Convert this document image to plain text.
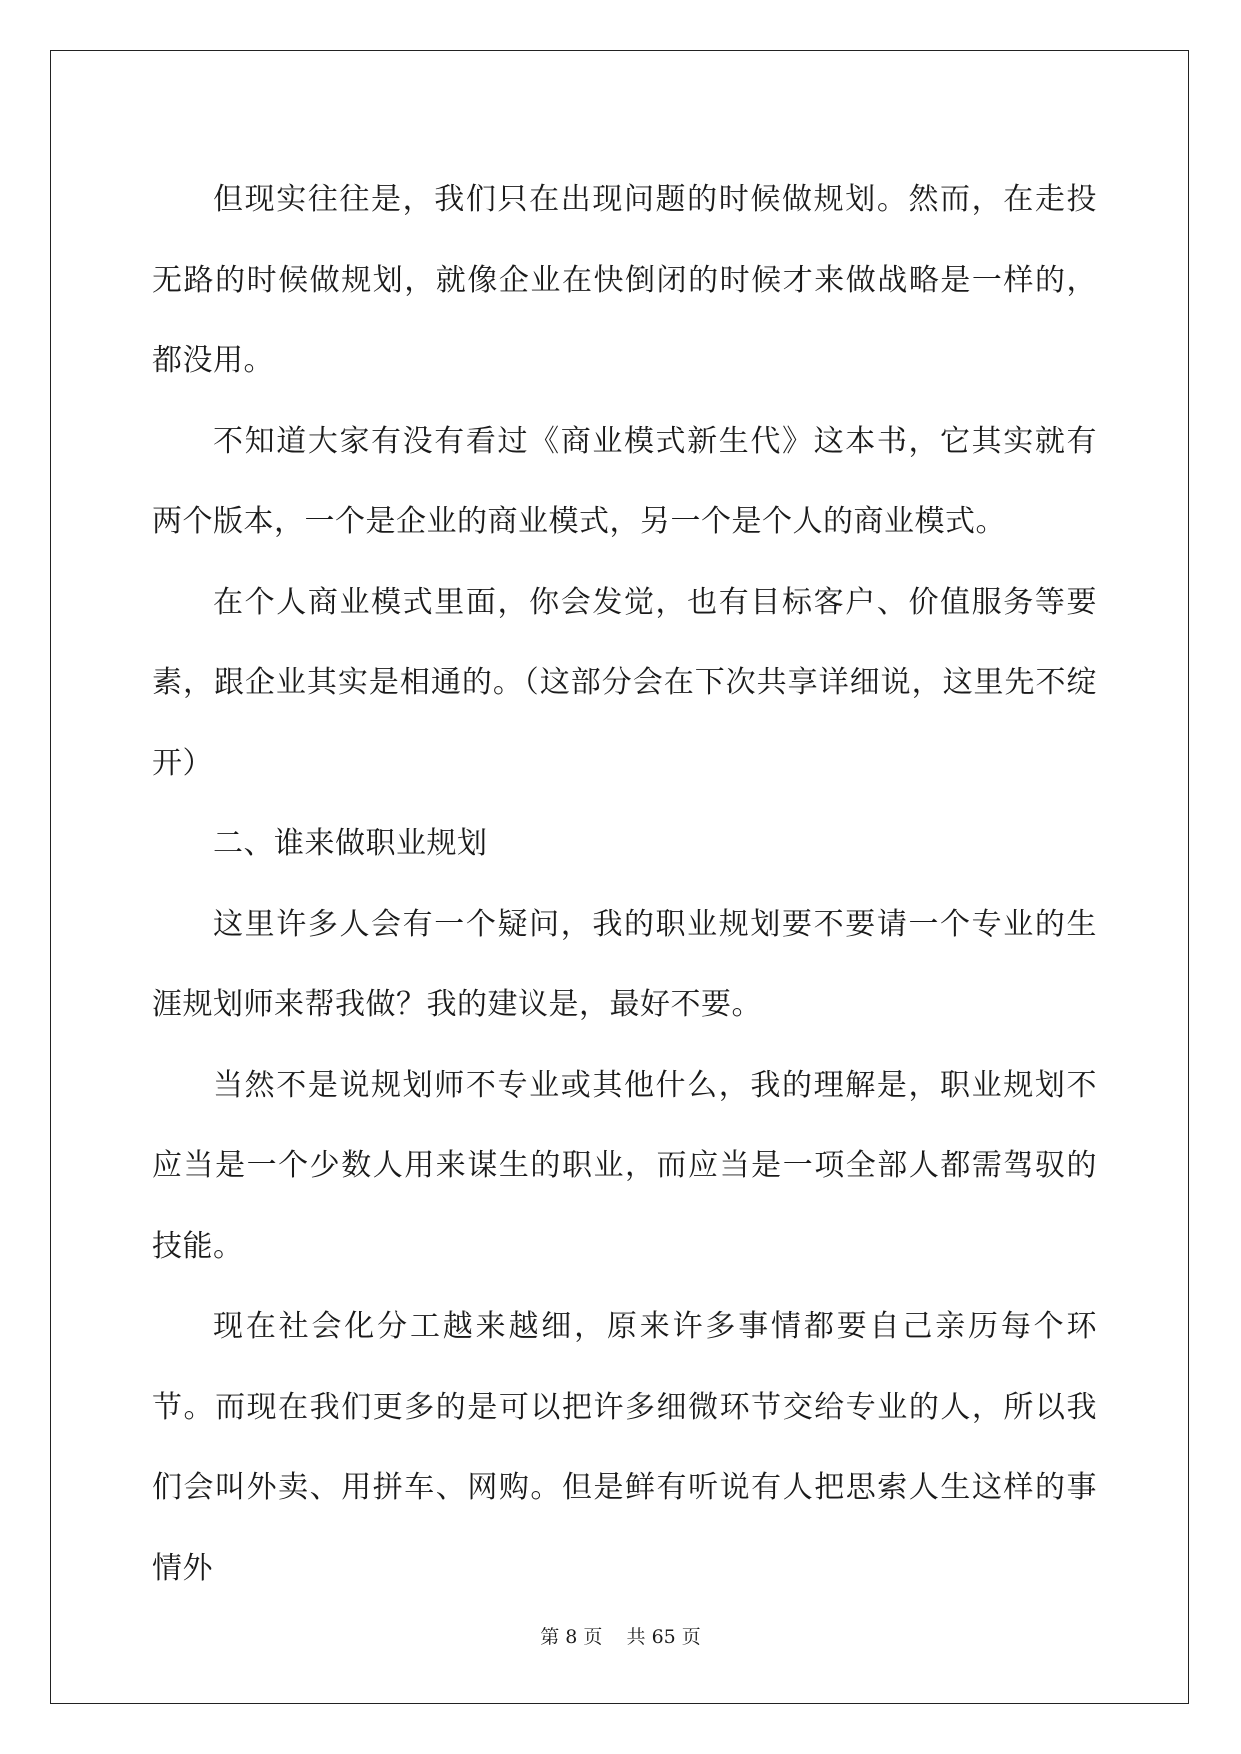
但现实往往是，我们只在出现问题的时候做规划。然而，在走投无路的时候做规划，就像企业在快倒闭的时候才来做战略是一样的，都没用。

不知道大家有没有看过《商业模式新生代》这本书，它其实就有两个版本，一个是企业的商业模式，另一个是个人的商业模式。

在个人商业模式里面，你会发觉，也有目标客户、价值服务等要素，跟企业其实是相通的。（这部分会在下次共享详细说，这里先不绽开）

二、谁来做职业规划

这里许多人会有一个疑问，我的职业规划要不要请一个专业的生涯规划师来帮我做？我的建议是，最好不要。

当然不是说规划师不专业或其他什么，我的理解是，职业规划不应当是一个少数人用来谋生的职业，而应当是一项全部人都需驾驭的技能。

现在社会化分工越来越细，原来许多事情都要自己亲历每个环节。而现在我们更多的是可以把许多细微环节交给专业的人，所以我们会叫外卖、用拼车、网购。但是鲜有听说有人把思索人生这样的事情外

第 8 页    共 65 页
